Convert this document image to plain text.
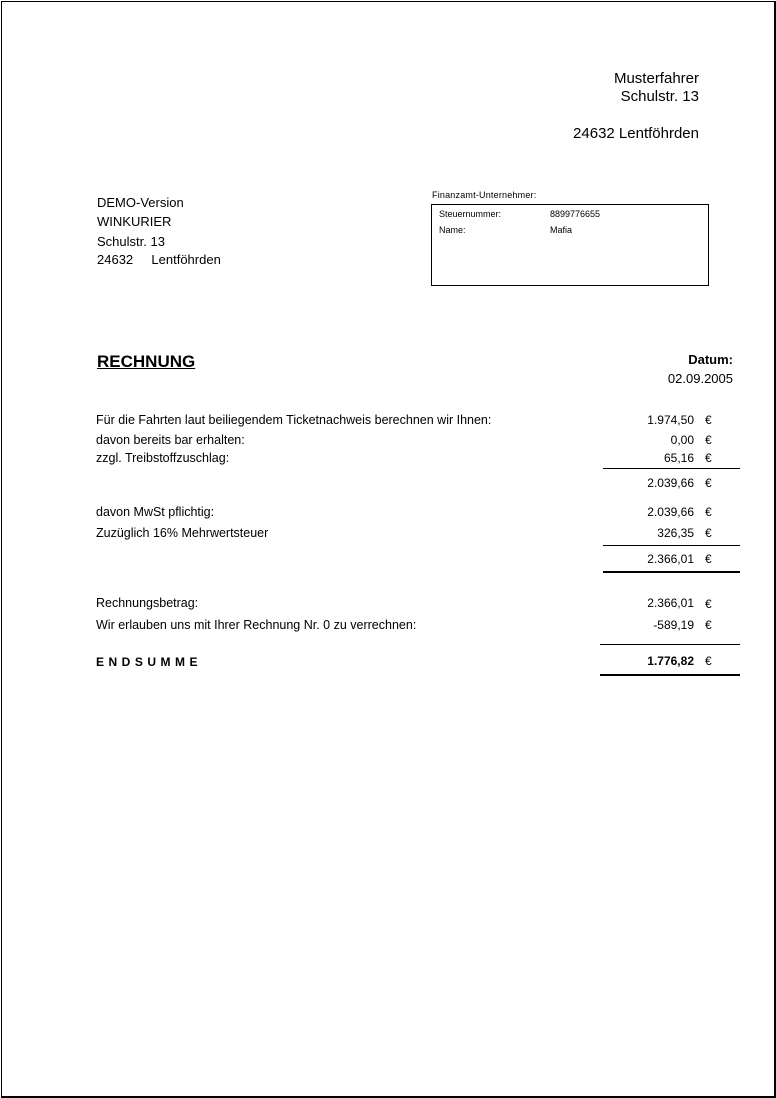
Musterfahrer
Schulstr. 13
24632 Lentföhrden
DEMO-Version
WINKURIER
Schulstr. 13
24632 Lentföhrden
Finanzamt-Unternehmer:
Steuernummer:	8899776655
Name:	Mafia
RECHNUNG	Datum:
02.09.2005
Für die Fahrten laut beiliegendem Ticketnachweis berechnen wir Ihnen:	1.974,50 €
davon bereits bar erhalten:	0,00 €
zzgl. Treibstoffzuschlag:	65,16 €
2.039,66 €
davon MwSt pflichtig:	2.039,66 €
Zuzüglich 16% Mehrwertsteuer	326,35 €
2.366,01 €
Rechnungsbetrag:	2.366,01 €
Wir erlauben uns mit Ihrer Rechnung Nr. 0 zu verrechnen:	-589,19 €
ENDSUMME	1.776,82 €
